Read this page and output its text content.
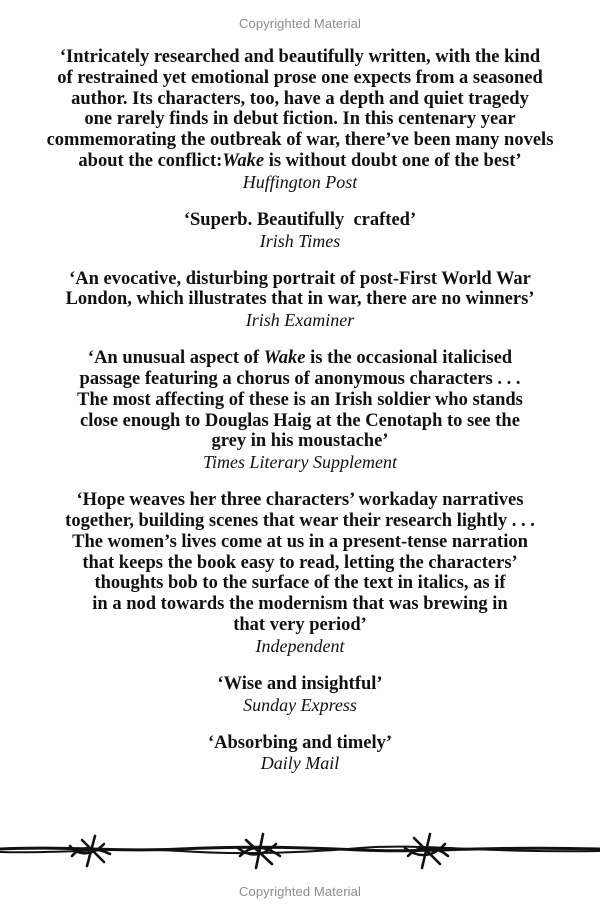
Copyrighted Material

‘Intricately researched and beautifully written, with the kind
of restrained yet emotional prose one expects from a seasoned
author. Its characters, too, have a depth and quiet tragedy
one rarely finds in debut fiction. In this centenary year
commemorating the outbreak of war, there’ve been many novels
about the conflict:Wake is without doubt one of the best’

Huffington Post

‘Superb. Beautifully  crafted’

Irish Times

‘An evocative, disturbing portrait of post-First World War
London, which illustrates that in war, there are no winners’

Irish Examiner

‘An unusual aspect of Wake is the occasional italicised
passage featuring a chorus of anonymous characters . . .
The most affecting of these is an Irish soldier who stands
close enough to Douglas Haig at the Cenotaph to see the
grey in his moustache’

Times Literary Supplement

‘Hope weaves her three characters’ workaday narratives
together, building scenes that wear their research lightly . . .
The women’s lives come at us in a present-tense narration
that keeps the book easy to read, letting the characters’
thoughts bob to the surface of the text in italics, as if
in a nod towards the modernism that was brewing in
that very period’

Independent

‘Wise and insightful’

Sunday Express

‘Absorbing and timely’

Daily Mail

Copyrighted Material
